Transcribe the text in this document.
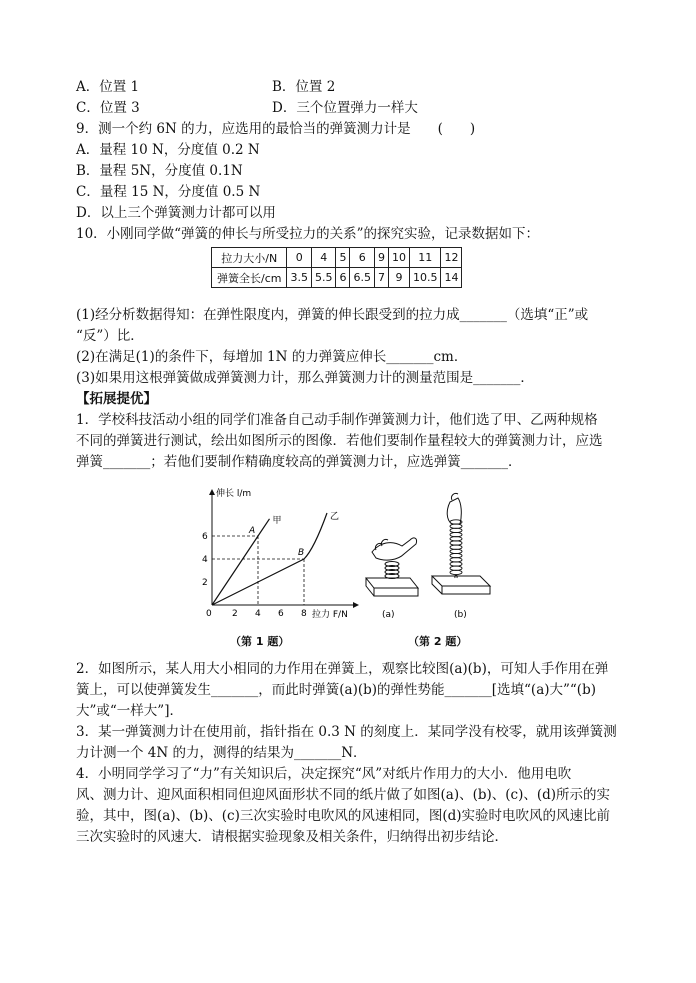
A．位置 1	B．位置 2
C．位置 3	D．三个位置弹力一样大
9．测一个约 6N 的力，应选用的最恰当的弹簧测力计是　　(　　)
A．量程 10 N，分度值 0.2 N
B．量程 5N，分度值 0.1N
C．量程 15 N，分度值 0.5 N
D．以上三个弹簧测力计都可以用
10．小刚同学做“弹簧的伸长与所受拉力的关系”的探究实验，记录数据如下：
拉力大小/N	0	4	5	6	9	10	11	12
弹簧全长/cm	3.5	5.5	6	6.5	7	9	10.5	14
(1)经分析数据得知：在弹性限度内，弹簧的伸长跟受到的拉力成_______（选填“正”或
“反”）比．
(2)在满足(1)的条件下，每增加 1N 的力弹簧应伸长_______cm．
(3)如果用这根弹簧做成弹簧测力计，那么弹簧测力计的测量范围是_______．
【拓展提优】
1．学校科技活动小组的同学们准备自己动手制作弹簧测力计，他们选了甲、乙两种规格
不同的弹簧进行测试，绘出如图所示的图像．若他们要制作量程较大的弹簧测力计，应选
弹簧_______；若他们要制作精确度较高的弹簧测力计，应选弹簧_______．
2 4 6 8
2
4
6
伸长 l/m
拉力 F/N
0
甲	乙
A
B
（第 1 题）
(a)	(b)
（第 2 题）
2．如图所示，某人用大小相同的力作用在弹簧上，观察比较图(a)(b)，可知人手作用在弹
簧上，可以使弹簧发生_______，而此时弹簧(a)(b)的弹性势能_______[选填“(a)大”“(b)
大”或“一样大”]．
3．某一弹簧测力计在使用前，指针指在 0.3 N 的刻度上．某同学没有校零，就用该弹簧测
力计测一个 4N 的力，测得的结果为_______N．
4．小明同学学习了“力”有关知识后，决定探究“风”对纸片作用力的大小．他用电吹
风、测力计、迎风面积相同但迎风面形状不同的纸片做了如图(a)、(b)、(c)、(d)所示的实
验，其中，图(a)、(b)、(c)三次实验时电吹风的风速相同，图(d)实验时电吹风的风速比前
三次实验时的风速大．请根据实验现象及相关条件，归纳得出初步结论．
